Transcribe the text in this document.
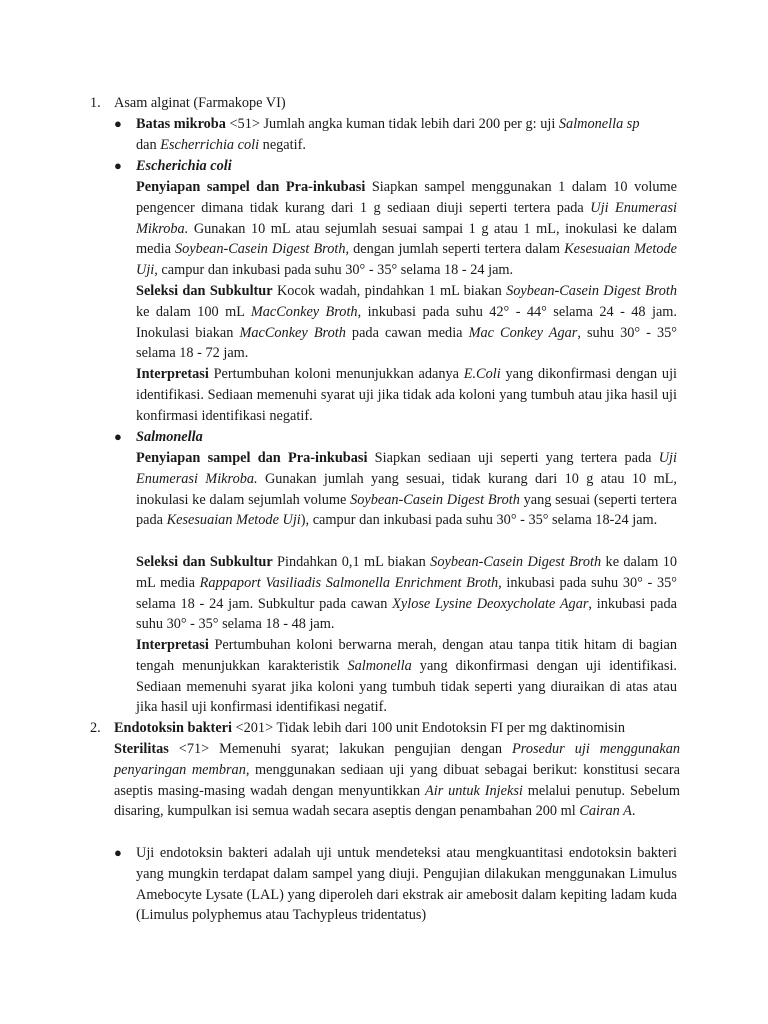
1. Asam alginat (Farmakope VI)
● Batas mikroba <51> Jumlah angka kuman tidak lebih dari 200 per g: uji Salmonella sp
dan Escherrichia coli negatif.

● Escherichia coli

Penyiapan sampel dan Pra-inkubasi Siapkan sampel menggunakan 1 dalam 10 volume pengencer dimana tidak kurang dari 1 g sediaan diuji seperti tertera pada Uji Enumerasi Mikroba. Gunakan 10 mL atau sejumlah sesuai sampai 1 g atau 1 mL, inokulasi ke dalam media Soybean-Casein Digest Broth, dengan jumlah seperti tertera dalam Kesesuaian Metode Uji, campur dan inkubasi pada suhu 30° - 35° selama 18 - 24 jam.

Seleksi dan Subkultur Kocok wadah, pindahkan 1 mL biakan Soybean-Casein Digest Broth ke dalam 100 mL MacConkey Broth, inkubasi pada suhu 42° - 44° selama 24 - 48 jam. Inokulasi biakan MacConkey Broth pada cawan media Mac Conkey Agar, suhu 30° - 35° selama 18 - 72 jam.

Interpretasi Pertumbuhan koloni menunjukkan adanya E.Coli yang dikonfirmasi dengan uji identifikasi. Sediaan memenuhi syarat uji jika tidak ada koloni yang tumbuh atau jika hasil uji konfirmasi identifikasi negatif.

● Salmonella

Penyiapan sampel dan Pra-inkubasi Siapkan sediaan uji seperti yang tertera pada Uji Enumerasi Mikroba. Gunakan jumlah yang sesuai, tidak kurang dari 10 g atau 10 mL, inokulasi ke dalam sejumlah volume Soybean-Casein Digest Broth yang sesuai (seperti tertera pada Kesesuaian Metode Uji), campur dan inkubasi pada suhu 30° - 35° selama 18-24 jam.

Seleksi dan Subkultur Pindahkan 0,1 mL biakan Soybean-Casein Digest Broth ke dalam 10 mL media Rappaport Vasiliadis Salmonella Enrichment Broth, inkubasi pada suhu 30° - 35° selama 18 - 24 jam. Subkultur pada cawan Xylose Lysine Deoxycholate Agar, inkubasi pada suhu 30° - 35° selama 18 - 48 jam.

Interpretasi Pertumbuhan koloni berwarna merah, dengan atau tanpa titik hitam di bagian tengah menunjukkan karakteristik Salmonella yang dikonfirmasi dengan uji identifikasi. Sediaan memenuhi syarat jika koloni yang tumbuh tidak seperti yang diuraikan di atas atau jika hasil uji konfirmasi identifikasi negatif.

2. Endotoksin bakteri <201> Tidak lebih dari 100 unit Endotoksin FI per mg daktinomisin

Sterilitas <71> Memenuhi syarat; lakukan pengujian dengan Prosedur uji menggunakan penyaringan membran, menggunakan sediaan uji yang dibuat sebagai berikut: konstitusi secara aseptis masing-masing wadah dengan menyuntikkan Air untuk Injeksi melalui penutup. Sebelum disaring, kumpulkan isi semua wadah secara aseptis dengan penambahan 200 ml Cairan A.

● Uji endotoksin bakteri adalah uji untuk mendeteksi atau mengkuantitasi endotoksin bakteri yang mungkin terdapat dalam sampel yang diuji. Pengujian dilakukan menggunakan Limulus Amebocyte Lysate (LAL) yang diperoleh dari ekstrak air amebosit dalam kepiting ladam kuda (Limulus polyphemus atau Tachypleus tridentatus)
